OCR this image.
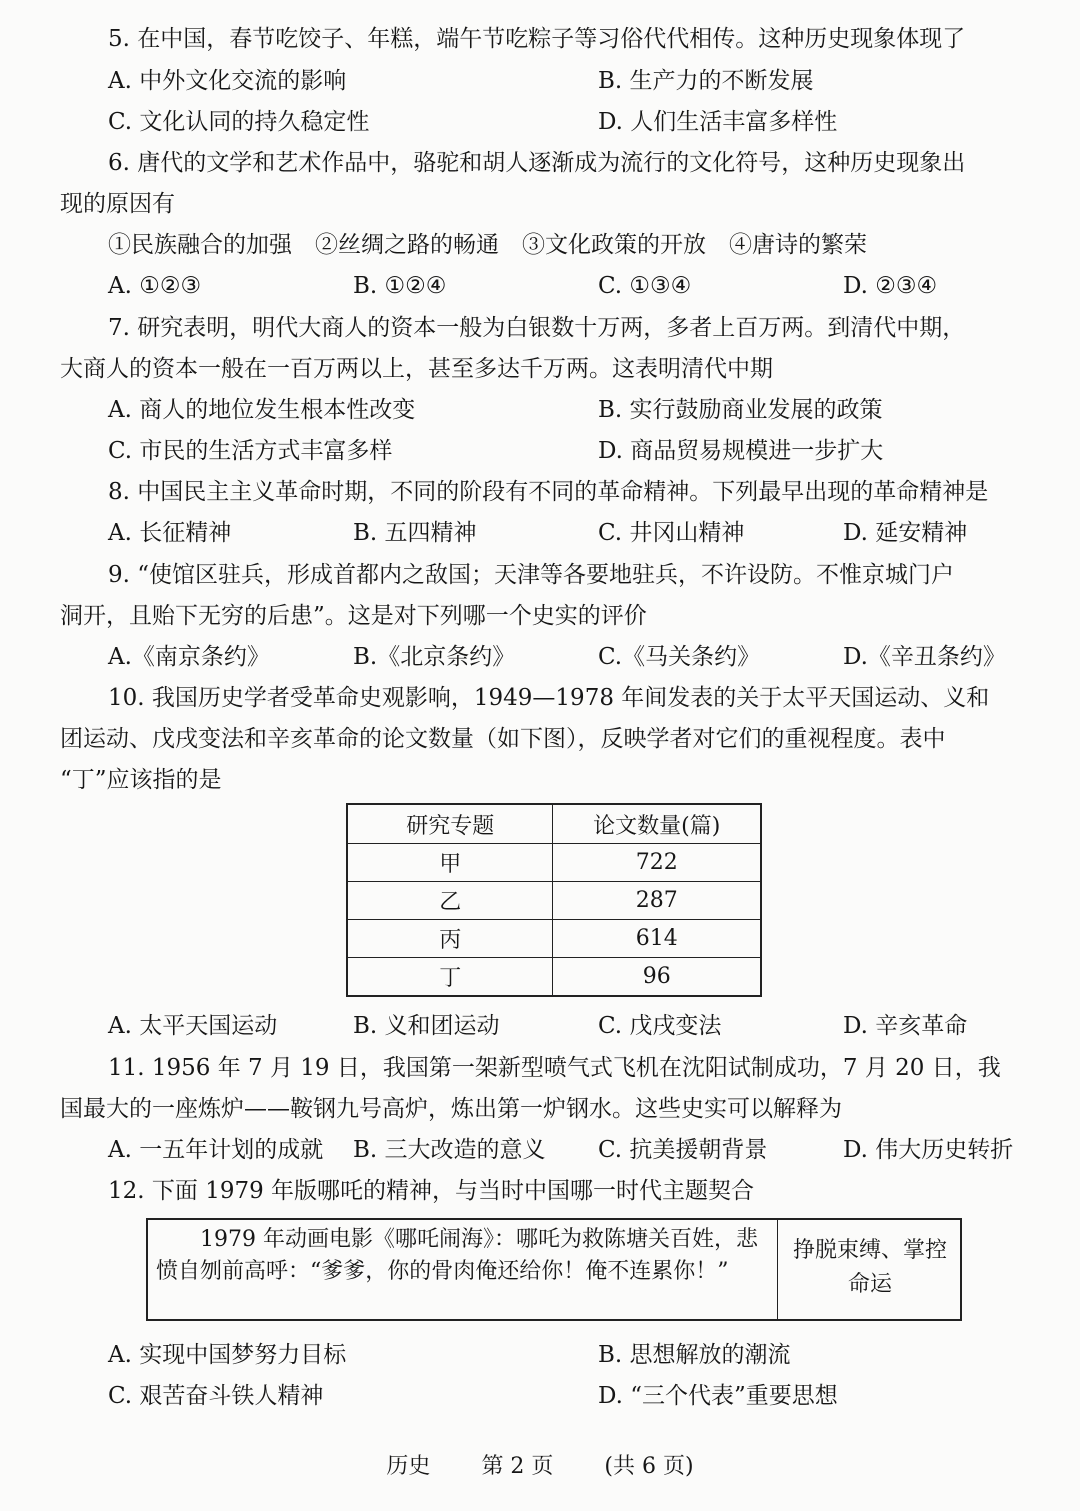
5. 在中国，春节吃饺子、年糕，端午节吃粽子等习俗代代相传。这种历史现象体现了
A. 中外文化交流的影响	B. 生产力的不断发展
C. 文化认同的持久稳定性	D. 人们生活丰富多样性
6. 唐代的文学和艺术作品中，骆驼和胡人逐渐成为流行的文化符号，这种历史现象出
现的原因有
①民族融合的加强　②丝绸之路的畅通　③文化政策的开放　④唐诗的繁荣
A. ①②③	B. ①②④	C. ①③④	D. ②③④
7. 研究表明，明代大商人的资本一般为白银数十万两，多者上百万两。到清代中期，
大商人的资本一般在一百万两以上，甚至多达千万两。这表明清代中期
A. 商人的地位发生根本性改变	B. 实行鼓励商业发展的政策
C. 市民的生活方式丰富多样	D. 商品贸易规模进一步扩大
8. 中国民主主义革命时期，不同的阶段有不同的革命精神。下列最早出现的革命精神是
A. 长征精神	B. 五四精神	C. 井冈山精神	D. 延安精神
9. “使馆区驻兵，形成首都内之敌国；天津等各要地驻兵，不许设防。不惟京城门户
洞开，且贻下无穷的后患”。这是对下列哪一个史实的评价
A.《南京条约》	B.《北京条约》	C.《马关条约》	D.《辛丑条约》
10. 我国历史学者受革命史观影响，1949—1978 年间发表的关于太平天国运动、义和
团运动、戊戌变法和辛亥革命的论文数量（如下图），反映学者对它们的重视程度。表中
“丁”应该指的是
研究专题	论文数量(篇)
甲	722
乙	287
丙	614
丁	96
A. 太平天国运动	B. 义和团运动	C. 戊戌变法	D. 辛亥革命
11. 1956 年 7 月 19 日，我国第一架新型喷气式飞机在沈阳试制成功，7 月 20 日，我
国最大的一座炼炉——鞍钢九号高炉，炼出第一炉钢水。这些史实可以解释为
A. 一五年计划的成就 B. 三大改造的意义 C. 抗美援朝背景	D. 伟大历史转折
12. 下面 1979 年版哪吒的精神，与当时中国哪一时代主题契合
1979 年动画电影《哪吒闹海》：哪吒为救陈塘关百姓，悲愤自刎前高呼：“爹爹，你的骨肉俺还给你！俺不连累你！”
挣脱束缚、掌控命运
A. 实现中国梦努力目标	B. 思想解放的潮流
C. 艰苦奋斗铁人精神	D. “三个代表”重要思想
历史 第 2 页 (共 6 页)
